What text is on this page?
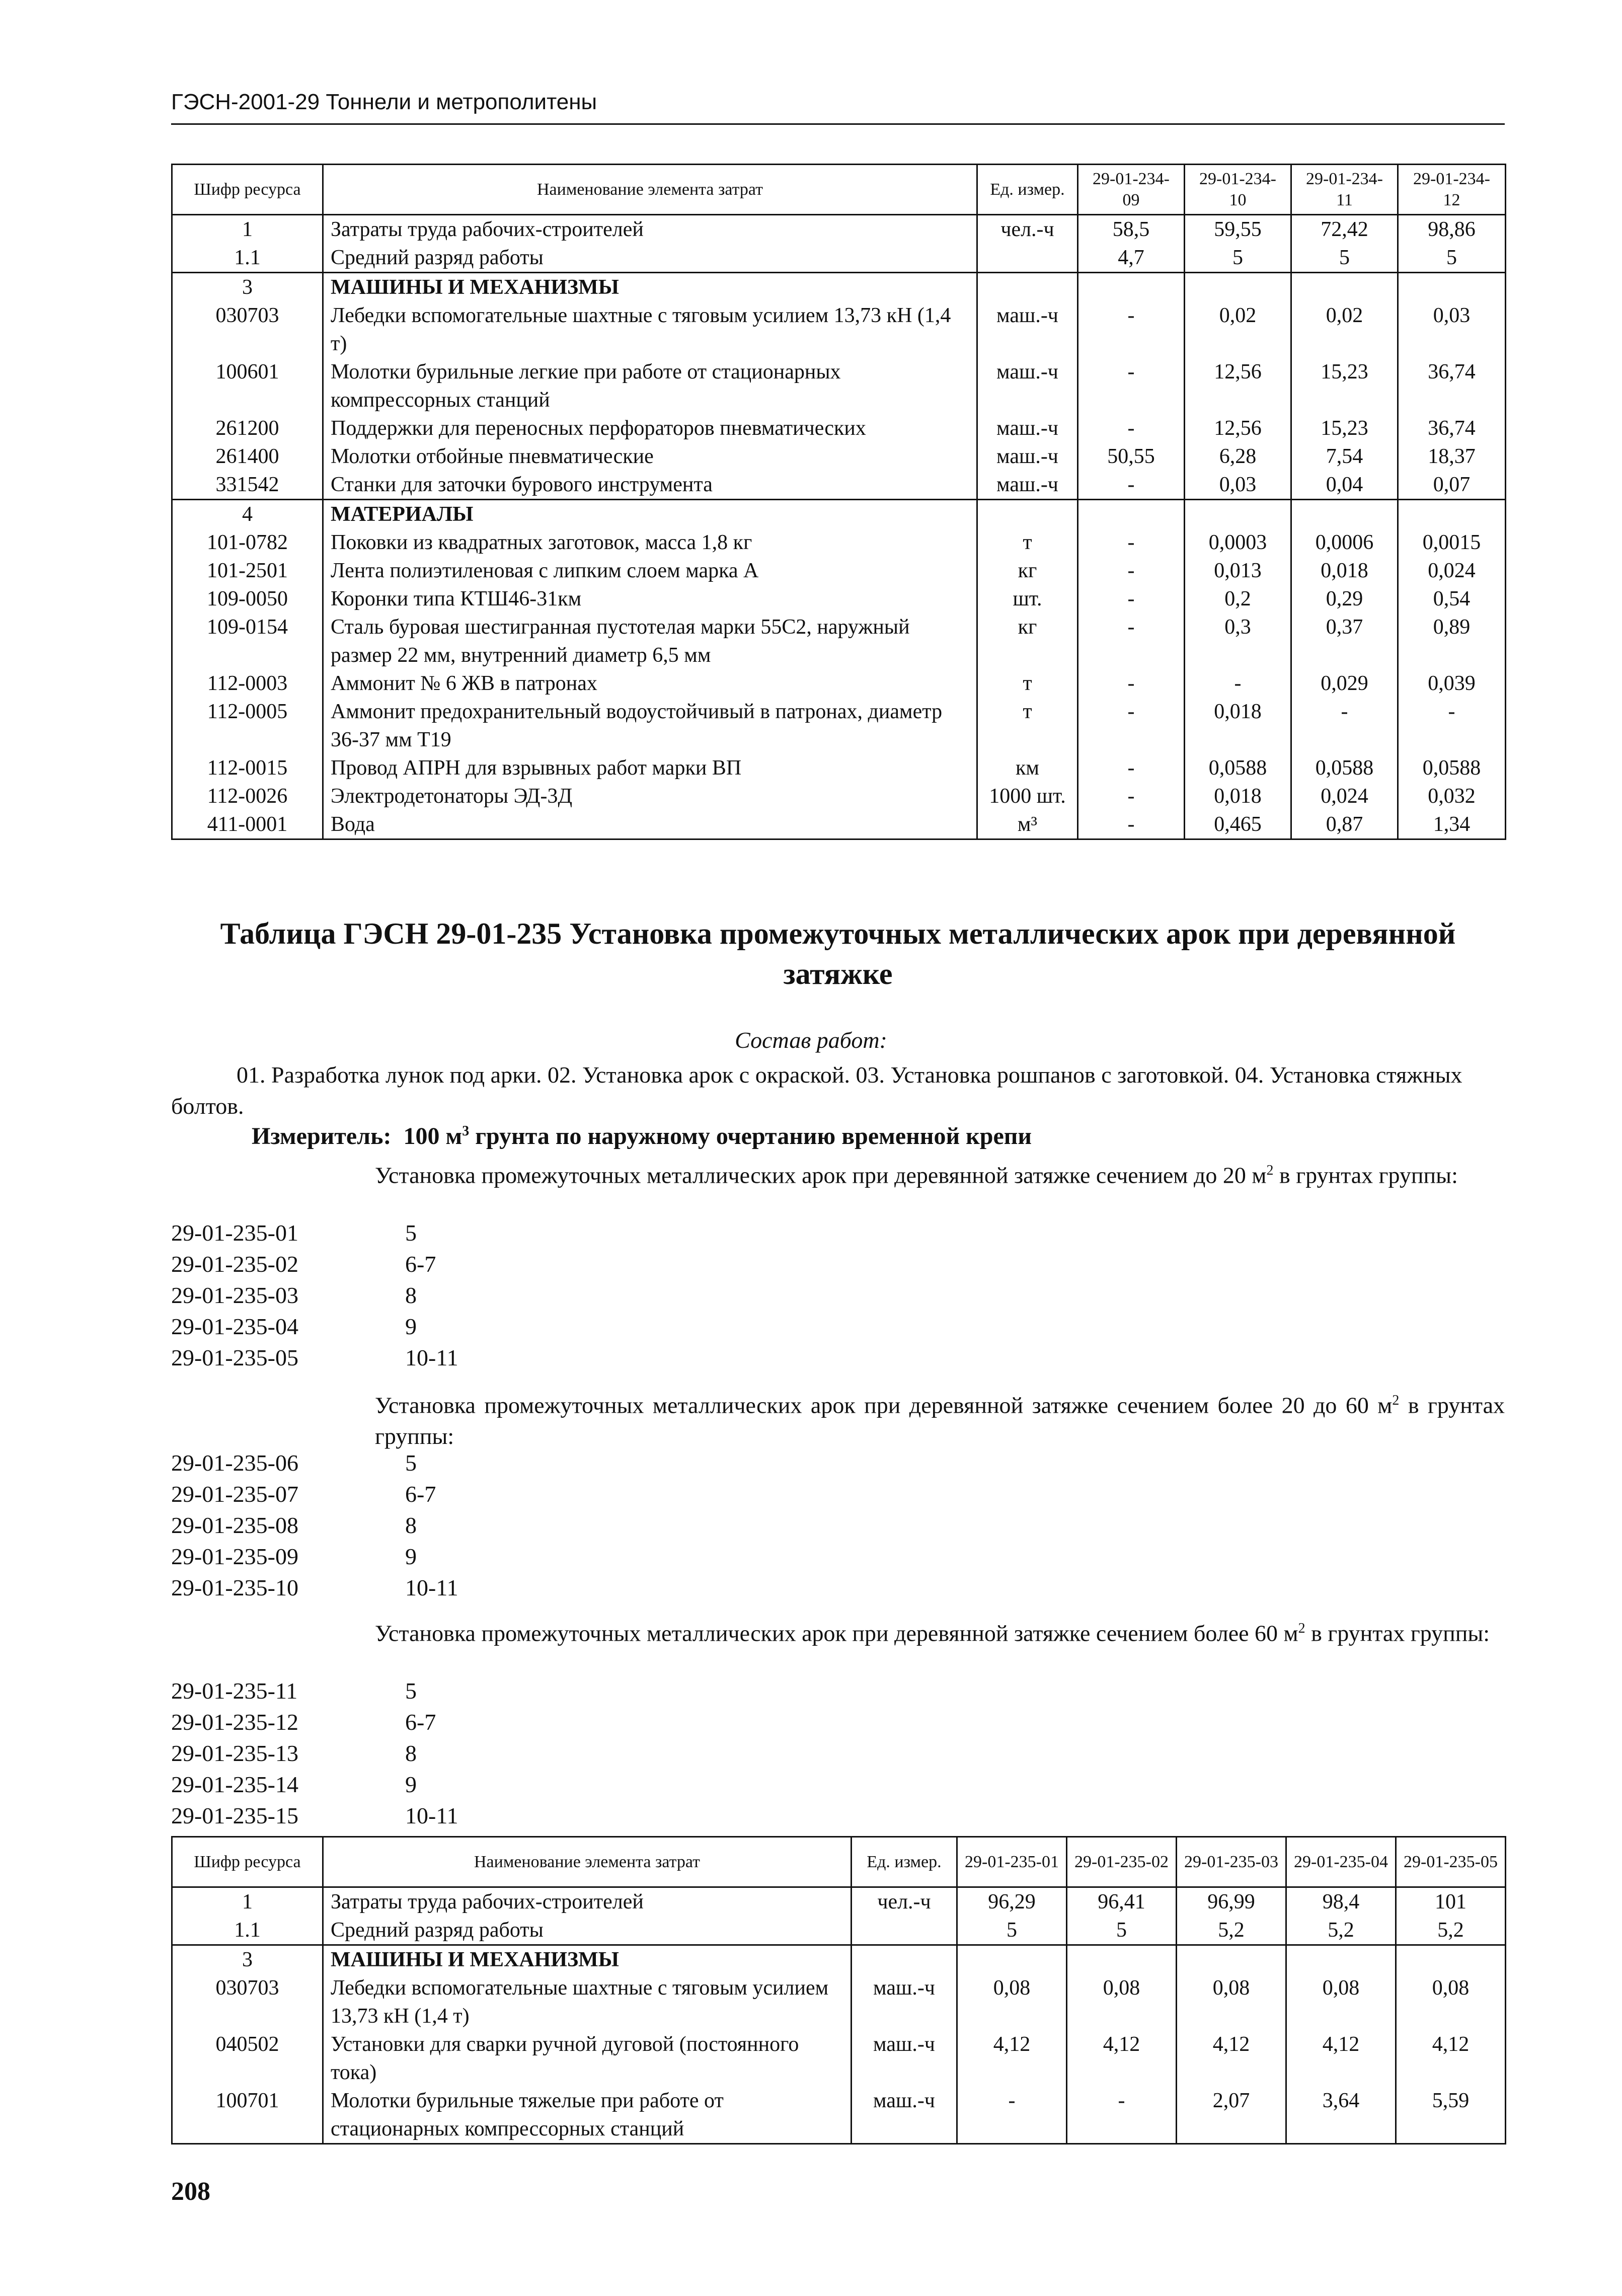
ГЭСН-2001-29 Тоннели и метрополитены
Шифр ресурса	Наименование элемента затрат	Ед. измер.	29-01-234-09	29-01-234-10	29-01-234-11	29-01-234-12
1	Затраты труда рабочих-строителей	чел.-ч	58,5	59,55	72,42	98,86
1.1	Средний разряд работы		4,7	5	5	5
3	МАШИНЫ И МЕХАНИЗМЫ					
030703	Лебедки вспомогательные шахтные с тяговым усилием 13,73 кН (1,4 т)	маш.-ч	-	0,02	0,02	0,03
100601	Молотки бурильные легкие при работе от стационарных компрессорных станций	маш.-ч	-	12,56	15,23	36,74
261200	Поддержки для переносных перфораторов пневматических	маш.-ч	-	12,56	15,23	36,74
261400	Молотки отбойные пневматические	маш.-ч	50,55	6,28	7,54	18,37
331542	Станки для заточки бурового инструмента	маш.-ч	-	0,03	0,04	0,07
4	МАТЕРИАЛЫ					
101-0782	Поковки из квадратных заготовок, масса 1,8 кг	т	-	0,0003	0,0006	0,0015
101-2501	Лента полиэтиленовая с липким слоем марка А	кг	-	0,013	0,018	0,024
109-0050	Коронки типа КТШ46-31км	шт.	-	0,2	0,29	0,54
109-0154	Сталь буровая шестигранная пустотелая марки 55С2, наружный размер 22 мм, внутренний диаметр 6,5 мм	кг	-	0,3	0,37	0,89
112-0003	Аммонит № 6 ЖВ в патронах	т	-	-	0,029	0,039
112-0005	Аммонит предохранительный водоустойчивый в патронах, диаметр 36-37 мм Т19	т	-	0,018	-	-
112-0015	Провод АПРН для взрывных работ марки ВП	км	-	0,0588	0,0588	0,0588
112-0026	Электродетонаторы ЭД-3Д	1000 шт.	-	0,018	0,024	0,032
411-0001	Вода	м³	-	0,465	0,87	1,34
Таблица ГЭСН 29-01-235 Установка промежуточных металлических арок при деревянной затяжке
Состав работ:
01. Разработка лунок под арки. 02. Установка арок с окраской. 03. Установка рошпанов с заготовкой. 04. Установка стяжных болтов.
Измеритель: 100 $м^3$ грунта по наружному очертанию временной крепи
Установка промежуточных металлических арок при деревянной затяжке сечением до 20 $м^2$ в грунтах группы:
29-01-235-01	5
29-01-235-02	6-7
29-01-235-03	8
29-01-235-04	9
29-01-235-05	10-11
Установка промежуточных металлических арок при деревянной затяжке сечением более 20 до 60 $м^2$ в грунтах группы:
29-01-235-06	5
29-01-235-07	6-7
29-01-235-08	8
29-01-235-09	9
29-01-235-10	10-11
Установка промежуточных металлических арок при деревянной затяжке сечением более 60 $м^2$ в грунтах группы:
29-01-235-11	5
29-01-235-12	6-7
29-01-235-13	8
29-01-235-14	9
29-01-235-15	10-11
Шифр ресурса	Наименование элемента затрат	Ед. измер.	29-01-235-01	29-01-235-02	29-01-235-03	29-01-235-04	29-01-235-05
1	Затраты труда рабочих-строителей	чел.-ч	96,29	96,41	96,99	98,4	101
1.1	Средний разряд работы		5	5	5,2	5,2	5,2
3	МАШИНЫ И МЕХАНИЗМЫ						
030703	Лебедки вспомогательные шахтные с тяговым усилием 13,73 кН (1,4 т)	маш.-ч	0,08	0,08	0,08	0,08	0,08
040502	Установки для сварки ручной дуговой (постоянного тока)	маш.-ч	4,12	4,12	4,12	4,12	4,12
100701	Молотки бурильные тяжелые при работе от стационарных компрессорных станций	маш.-ч	-	-	2,07	3,64	5,59
208
